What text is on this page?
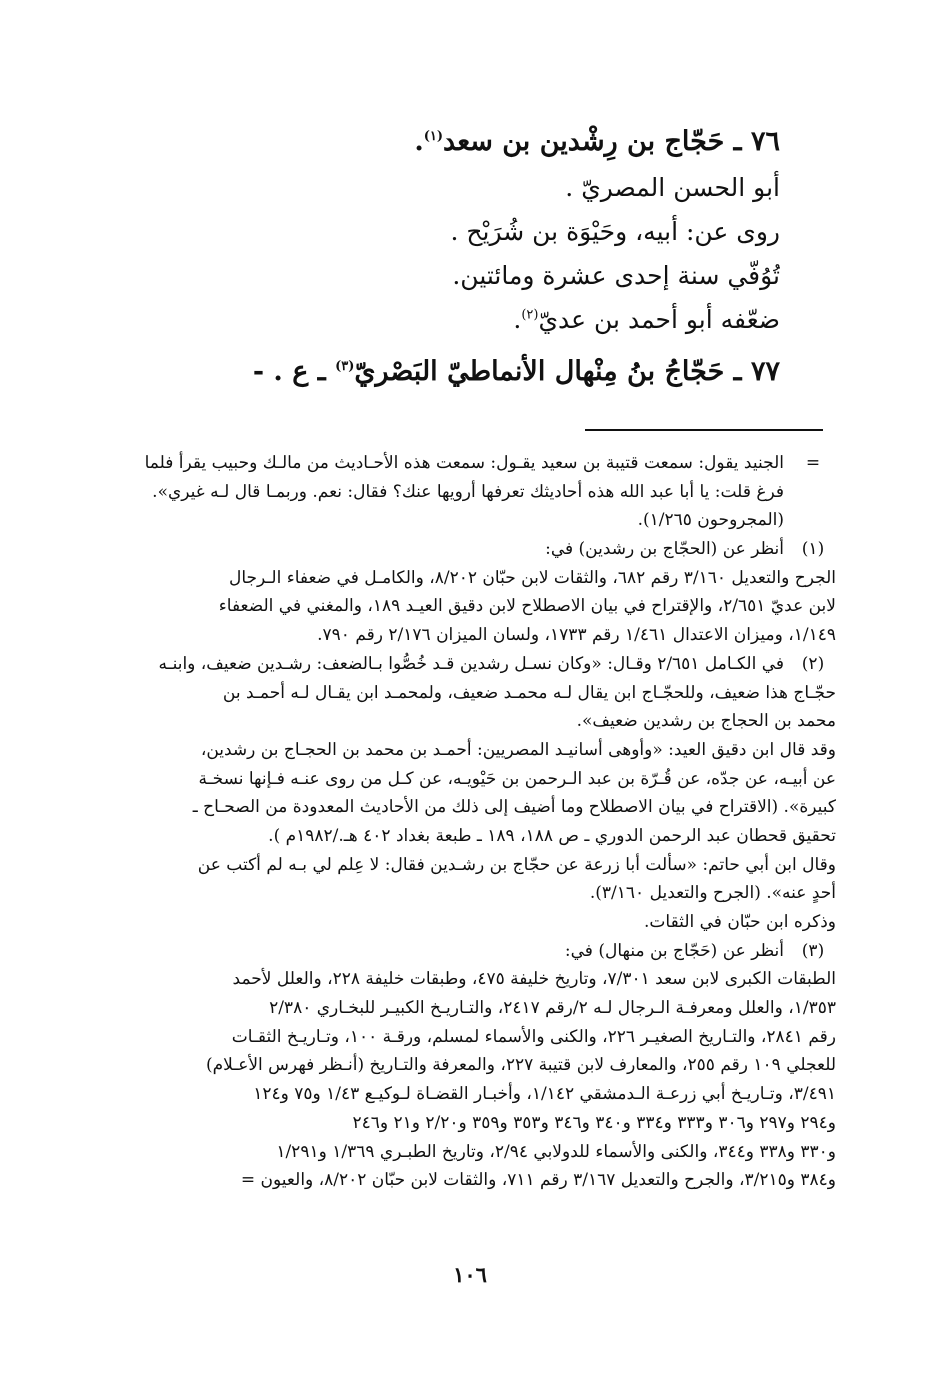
٧٦ ـ حَجّاج بن رِشْدين بن سعد$^{(١)}$.
أبو الحسن المصريّ .
روى عن: أبيه، وحَيْوَة بن شُرَيْح .
تُوُفّي سنة إحدى عشرة ومائتين.
ضعّفه أبو أحمد بن عديّ$^{(٢)}$.
٧٧ ـ حَجّاجُ بنُ مِنْهال الأنماطيّ البَصْريّ$^{(٣)}$ ـ ع . -
=
الجنيد يقول: سمعت قتيبة بن سعيد يقـول: سمعت هذه الأحـاديث من مالـك وحبيب يقرأ فلما
فرغ قلت: يا أبا عبد الله هذه أحاديثك تعرفها أرويها عنك؟ فقال: نعم. وربمـا قال لـه غيري».
(المجروحون ١/٢٦٥).
(١)
أنظر عن (الحجّاج بن رشدين) في:
الجرح والتعديل ٣/١٦٠ رقم ٦٨٢، والثقات لابن حبّان ٨/٢٠٢، والكامـل في ضعفاء الـرجال
لابن عديّ ٢/٦٥١، والإقتراح في بيان الاصطلاح لابن دقيق العيـد ١٨٩، والمغني في الضعفاء
١/١٤٩، وميزان الاعتدال ١/٤٦١ رقم ١٧٣٣، ولسان الميزان ٢/١٧٦ رقم ٧٩٠.
(٢)
في الكـامل ٢/٦٥١ وقـال: «وكان نسـل رشدين قـد خُصُّوا بـالضعف: رشـدين ضعيف، وابنـه
حجّـاج هذا ضعيف، وللحجّـاج ابن يقال لـه محمـد ضعيف، ولمحمـد ابن يقـال لـه أحمـد بن
محمد بن الحجاج بن رشدين ضعيف».
وقد قال ابن دقيق العيد: «وأوهى أسانيـد المصريين: أحمـد بن محمد بن الحجـاج بن رشدين،
عن أبيـه، عن جدّه، عن قُـرّة بن عبد الـرحمن بن حَيْويـه، عن كـل من روى عنـه فـإنها نسخـة
كبيرة». (الاقتراح في بيان الاصطلاح وما أضيف إلى ذلك من الأحاديث المعدودة من الصحـاح ـ
تحقيق قحطان عبد الرحمن الدوري ـ ص ١٨٨، ١٨٩ ـ طبعة بغداد ٤٠٢ هـ./١٩٨٢م ).
وقال ابن أبي حاتم: «سألت أبا زرعة عن حجّاج بن رشـدين فقال: لا عِلم لي بـه لم أكتب عن
أحدٍ عنه». (الجرح والتعديل ٣/١٦٠).
وذكره ابن حبّان في الثقات.
(٣)
أنظر عن (حَجّاج بن منهال) في:
الطبقات الكبرى لابن سعد ٧/٣٠١، وتاريخ خليفة ٤٧٥، وطبقات خليفة ٢٢٨، والعلل لأحمد
١/٣٥٣، والعلل ومعرفـة الـرجال لـه ٢/رقم ٢٤١٧، والتـاريـخ الكبيـر للبخـاري ٢/٣٨٠
رقم ٢٨٤١، والتـاريخ الصغيـر ٢٢٦، والكنى والأسماء لمسلم، ورقـة ١٠٠، وتـاريـخ الثقـات
للعجلي ١٠٩ رقم ٢٥٥، والمعارف لابن قتيبة ٢٢٧، والمعرفة والتـاريخ (أنـظر فهرس الأعـلام)
٣/٤٩١، وتـاريـخ أبي زرعـة الـدمشقي ١/١٤٢، وأخبـار القضـاة لـوكيـع ١/٤٣ و٧٥ و١٢٤
و٢٩٤ و٢٩٧ و٣٠٦ و٣٣٣ و٣٣٤ و٣٤٠ و٣٤٦ و٣٥٣ و٣٥٩ و٢/٢٠ و٢١ و٢٤٦
و٣٣٠ و٣٣٨ و٣٤٤، والكنى والأسماء للدولابي ٢/٩٤، وتاريخ الطبـري ١/٣٦٩ و١/٢٩١
و٣٨٤ و٣/٢١٥، والجرح والتعديل ٣/١٦٧ رقم ٧١١، والثقات لابن حبّان ٨/٢٠٢، والعيون =
١٠٦
